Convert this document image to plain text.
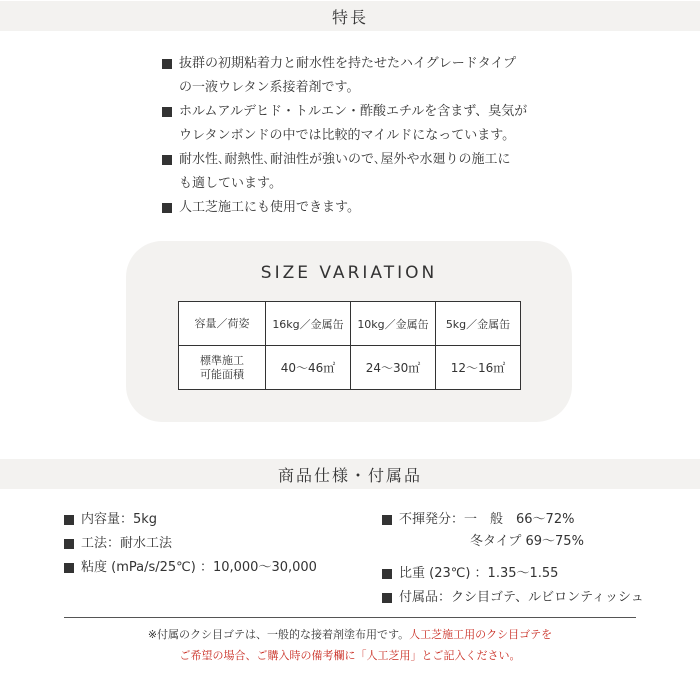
特長
抜群の初期粘着力と耐水性を持たせたハイグレードタイプ
の一液ウレタン系接着剤です。
ホルムアルデヒド・トルエン・酢酸エチルを含まず、臭気が
ウレタンボンドの中では比較的マイルドになっています。
耐水性､耐熱性､耐油性が強いので､屋外や水廻りの施工に
も適しています。
人工芝施工にも使用できます。
SIZE VARIATION
容量／荷姿	16kg／金属缶	10kg／金属缶	5kg／金属缶
標準施工
可能面積	40～46㎡	24～30㎡	12～16㎡
商品仕様・付属品
内容量：5kg
工法：耐水工法
粘度 (mPa/s/25℃) ：10,000〜30,000
不揮発分：一　般　66〜72%
冬タイプ 69〜75%
比重 (23℃) ：1.35〜1.55
付属品：クシ目ゴテ、ルビロンティッシュ
※付属のクシ目ゴテは、一般的な接着剤塗布用です。人工芝施工用のクシ目ゴテを
ご希望の場合、ご購入時の備考欄に「人工芝用」とご記入ください。
